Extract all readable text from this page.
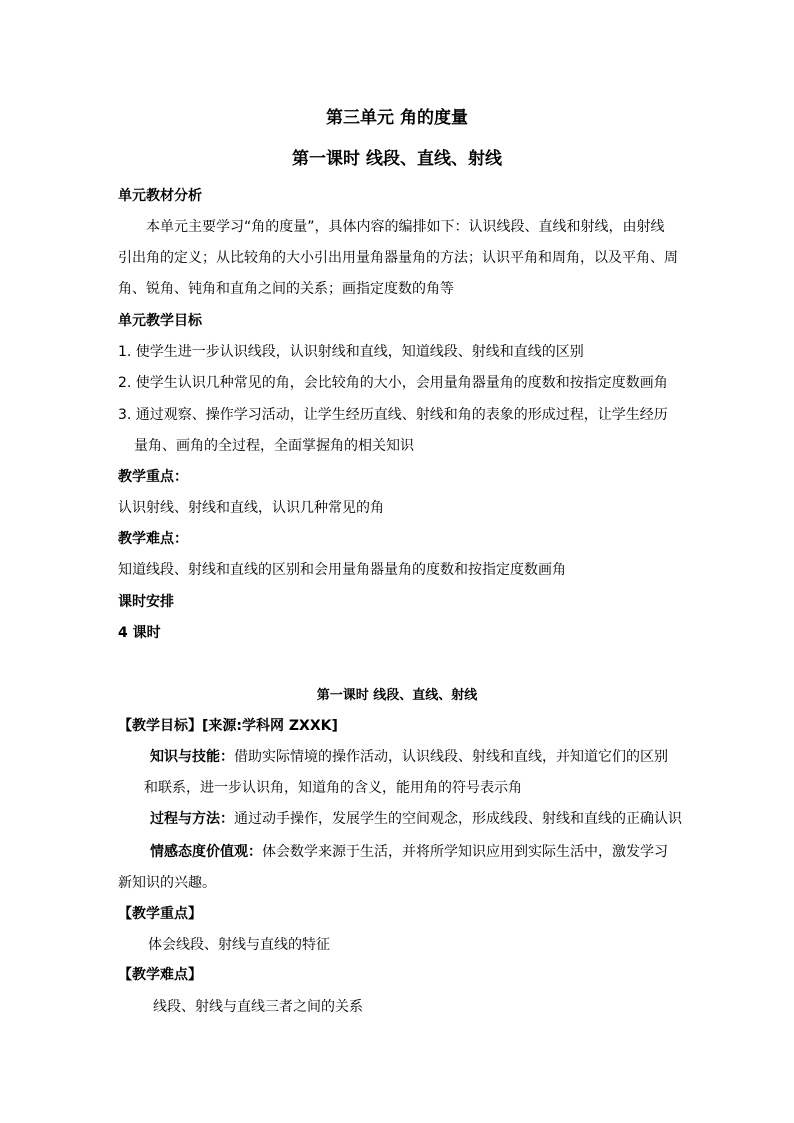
第三单元 角的度量
第一课时 线段、直线、射线
单元教材分析
本单元主要学习“角的度量”，具体内容的编排如下：认识线段、直线和射线，由射线
引出角的定义；从比较角的大小引出用量角器量角的方法；认识平角和周角，以及平角、周
角、锐角、钝角和直角之间的关系；画指定度数的角等
单元教学目标
1. 使学生进一步认识线段，认识射线和直线，知道线段、射线和直线的区别
2. 使学生认识几种常见的角，会比较角的大小，会用量角器量角的度数和按指定度数画角
3. 通过观察、操作学习活动，让学生经历直线、射线和角的表象的形成过程，让学生经历
量角、画角的全过程，全面掌握角的相关知识
教学重点：
认识射线、射线和直线，认识几种常见的角
教学难点：
知道线段、射线和直线的区别和会用量角器量角的度数和按指定度数画角
课时安排
4 课时
第一课时 线段、直线、射线
【教学目标】[来源:学科网 ZXXK]
知识与技能：借助实际情境的操作活动，认识线段、射线和直线，并知道它们的区别
和联系，进一步认识角，知道角的含义，能用角的符号表示角
过程与方法：通过动手操作，发展学生的空间观念，形成线段、射线和直线的正确认识
情感态度价值观：体会数学来源于生活，并将所学知识应用到实际生活中，激发学习
新知识的兴趣。
【教学重点】
体会线段、射线与直线的特征
【教学难点】
线段、射线与直线三者之间的关系
